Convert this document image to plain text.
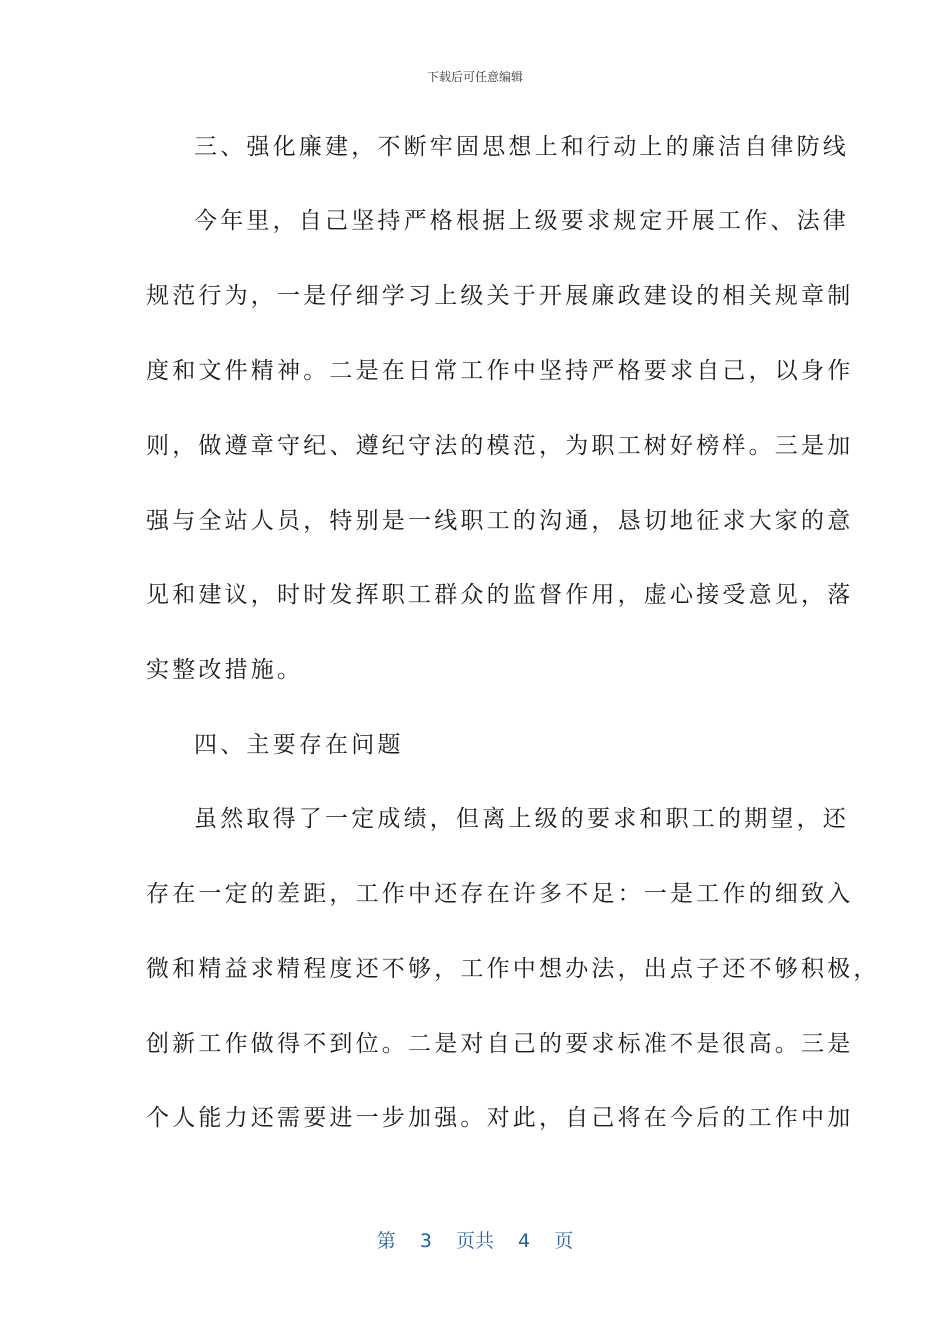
下载后可任意编辑
三、强化廉建，不断牢固思想上和行动上的廉洁自律防线
今年里，自己坚持严格根据上级要求规定开展工作、法律
规范行为，一是仔细学习上级关于开展廉政建设的相关规章制
度和文件精神。二是在日常工作中坚持严格要求自己，以身作
则，做遵章守纪、遵纪守法的模范，为职工树好榜样。三是加
强与全站人员，特别是一线职工的沟通，恳切地征求大家的意
见和建议，时时发挥职工群众的监督作用，虚心接受意见，落
实整改措施。
四、主要存在问题
虽然取得了一定成绩，但离上级的要求和职工的期望，还
存在一定的差距，工作中还存在许多不足：一是工作的细致入
微和精益求精程度还不够，工作中想办法，出点子还不够积极，
创新工作做得不到位。二是对自己的要求标准不是很高。三是
个人能力还需要进一步加强。对此，自己将在今后的工作中加
第 3 页共 4 页
